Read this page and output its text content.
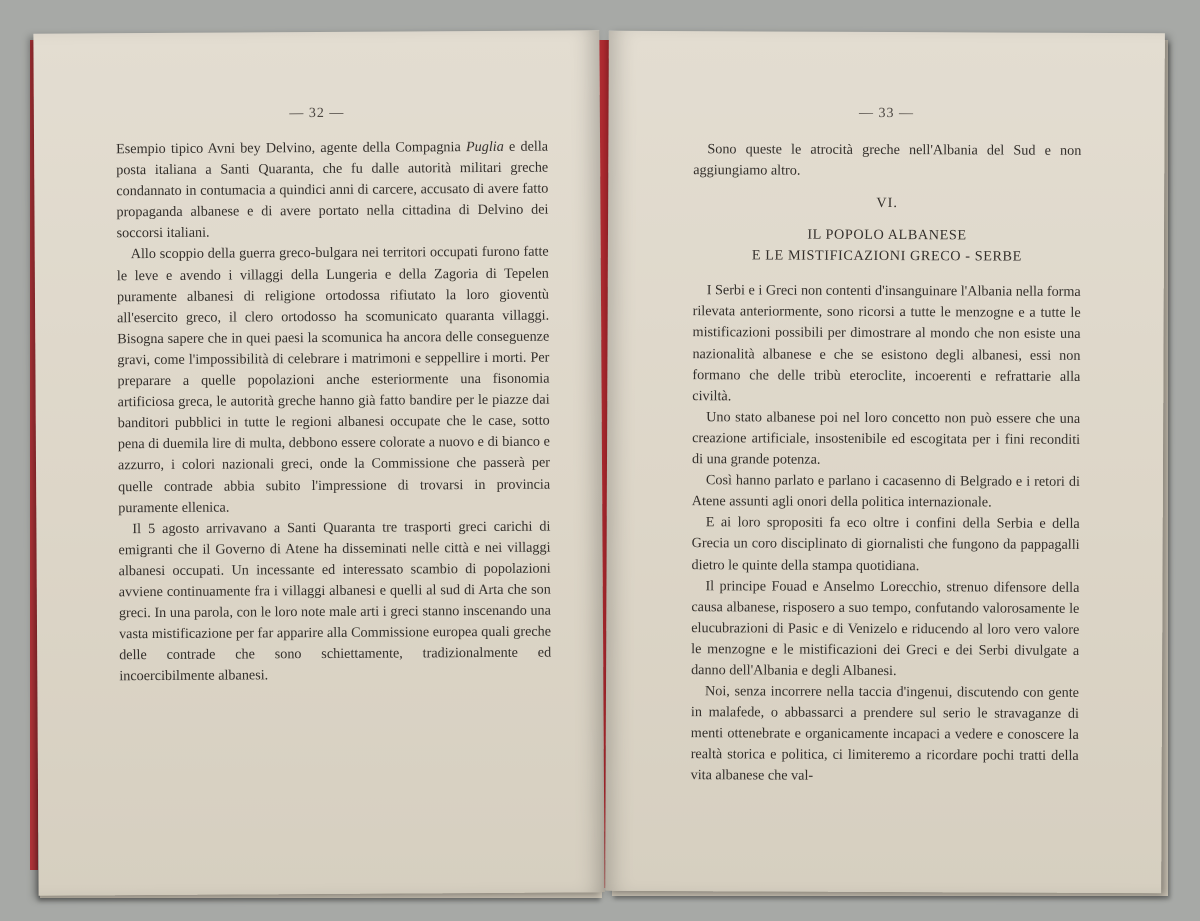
— 32 —

Esempio tipico Avni bey Delvino, agente della Compagnia Puglia e della posta italiana a Santi Quaranta, che fu dalle autorità militari greche condannato in contumacia a quindici anni di carcere, accusato di avere fatto propaganda albanese e di avere portato nella cittadina di Delvino dei soccorsi italiani.

Allo scoppio della guerra greco-bulgara nei territori occupati furono fatte le leve e avendo i villaggi della Lungeria e della Zagoria di Tepelen puramente albanesi di religione ortodossa rifiutato la loro gioventù all'esercito greco, il clero ortodosso ha scomunicato quaranta villaggi. Bisogna sapere che in quei paesi la scomunica ha ancora delle conseguenze gravi, come l'impossibilità di celebrare i matrimoni e seppellire i morti. Per preparare a quelle popolazioni anche esteriormente una fisonomia artificiosa greca, le autorità greche hanno già fatto bandire per le piazze dai banditori pubblici in tutte le regioni albanesi occupate che le case, sotto pena di duemila lire di multa, debbono essere colorate a nuovo e di bianco e azzurro, i colori nazionali greci, onde la Commissione che passerà per quelle contrade abbia subito l'impressione di trovarsi in provincia puramente ellenica.

Il 5 agosto arrivavano a Santi Quaranta tre trasporti greci carichi di emigranti che il Governo di Atene ha disseminati nelle città e nei villaggi albanesi occupati. Un incessante ed interessato scambio di popolazioni avviene continuamente fra i villaggi albanesi e quelli al sud di Arta che son greci. In una parola, con le loro note male arti i greci stanno inscenando una vasta mistificazione per far apparire alla Commissione europea quali greche delle contrade che sono schiettamente, tradizionalmente ed incoercibilmente albanesi.

— 33 —

Sono queste le atrocità greche nell'Albania del Sud e non aggiungiamo altro.

VI.
IL POPOLO ALBANESE
E LE MISTIFICAZIONI GRECO - SERBE

I Serbi e i Greci non contenti d'insanguinare l'Albania nella forma rilevata anteriormente, sono ricorsi a tutte le menzogne e a tutte le mistificazioni possibili per dimostrare al mondo che non esiste una nazionalità albanese e che se esistono degli albanesi, essi non formano che delle tribù eteroclite, incoerenti e refrattarie alla civiltà.

Uno stato albanese poi nel loro concetto non può essere che una creazione artificiale, insostenibile ed escogitata per i fini reconditi di una grande potenza.

Così hanno parlato e parlano i cacasenno di Belgrado e i retori di Atene assunti agli onori della politica internazionale.

E ai loro spropositi fa eco oltre i confini della Serbia e della Grecia un coro disciplinato di giornalisti che fungono da pappagalli dietro le quinte della stampa quotidiana.

Il principe Fouad e Anselmo Lorecchio, strenuo difensore della causa albanese, risposero a suo tempo, confutando valorosamente le elucubrazioni di Pasic e di Venizelo e riducendo al loro vero valore le menzogne e le mistificazioni dei Greci e dei Serbi divulgate a danno dell'Albania e degli Albanesi.

Noi, senza incorrere nella taccia d'ingenui, discutendo con gente in malafede, o abbassarci a prendere sul serio le stravaganze di menti ottenebrate e organicamente incapaci a vedere e conoscere la realtà storica e politica, ci limiteremo a ricordare pochi tratti della vita albanese che val-
